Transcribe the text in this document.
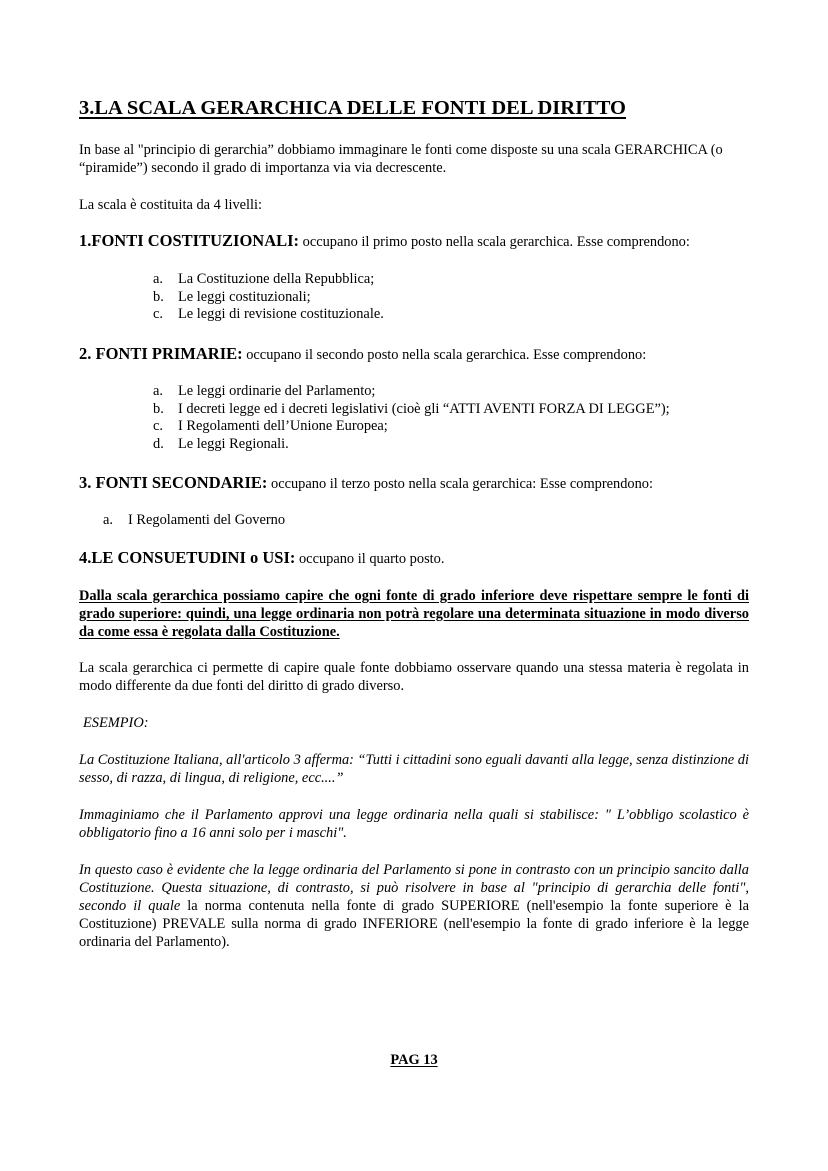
3.LA SCALA GERARCHICA DELLE FONTI DEL DIRITTO

In base al "principio di gerarchia” dobbiamo immaginare le fonti come disposte su una scala GERARCHICA (o “piramide”) secondo il grado di importanza via via decrescente.

La scala è costituita da 4 livelli:

1.FONTI COSTITUZIONALI: occupano il primo posto nella scala gerarchica. Esse comprendono:

a. La Costituzione della Repubblica;
b. Le leggi costituzionali;
c. Le leggi di revisione costituzionale.

2. FONTI PRIMARIE: occupano il secondo posto nella scala gerarchica. Esse comprendono:

a. Le leggi ordinarie del Parlamento;
b. I decreti legge ed i decreti legislativi (cioè gli “ATTI AVENTI FORZA DI LEGGE”);
c. I Regolamenti dell’Unione Europea;
d. Le leggi Regionali.

3. FONTI SECONDARIE: occupano il terzo posto nella scala gerarchica: Esse comprendono:

a. I Regolamenti del Governo

4.LE CONSUETUDINI o USI: occupano il quarto posto.

Dalla scala gerarchica possiamo capire che ogni fonte di grado inferiore deve rispettare sempre le fonti di grado superiore: quindi, una legge ordinaria non potrà regolare una determinata situazione in modo diverso da come essa è regolata dalla Costituzione.

La scala gerarchica ci permette di capire quale fonte dobbiamo osservare quando una stessa materia è regolata in modo differente da due fonti del diritto di grado diverso.

ESEMPIO:

La Costituzione Italiana, all'articolo 3 afferma: “Tutti i cittadini sono eguali davanti alla legge, senza distinzione di sesso, di razza, di lingua, di religione, ecc....”

Immaginiamo che il Parlamento approvi una legge ordinaria nella quali si stabilisce: " L’obbligo scolastico è obbligatorio fino a 16 anni solo per i maschi".

In questo caso è evidente che la legge ordinaria del Parlamento si pone in contrasto con un principio sancito dalla Costituzione. Questa situazione, di contrasto, si può risolvere in base al "principio di gerarchia delle fonti", secondo il quale la norma contenuta nella fonte di grado SUPERIORE (nell'esempio la fonte superiore è la Costituzione) PREVALE sulla norma di grado INFERIORE (nell'esempio la fonte di grado inferiore è la legge ordinaria del Parlamento).

PAG 13
